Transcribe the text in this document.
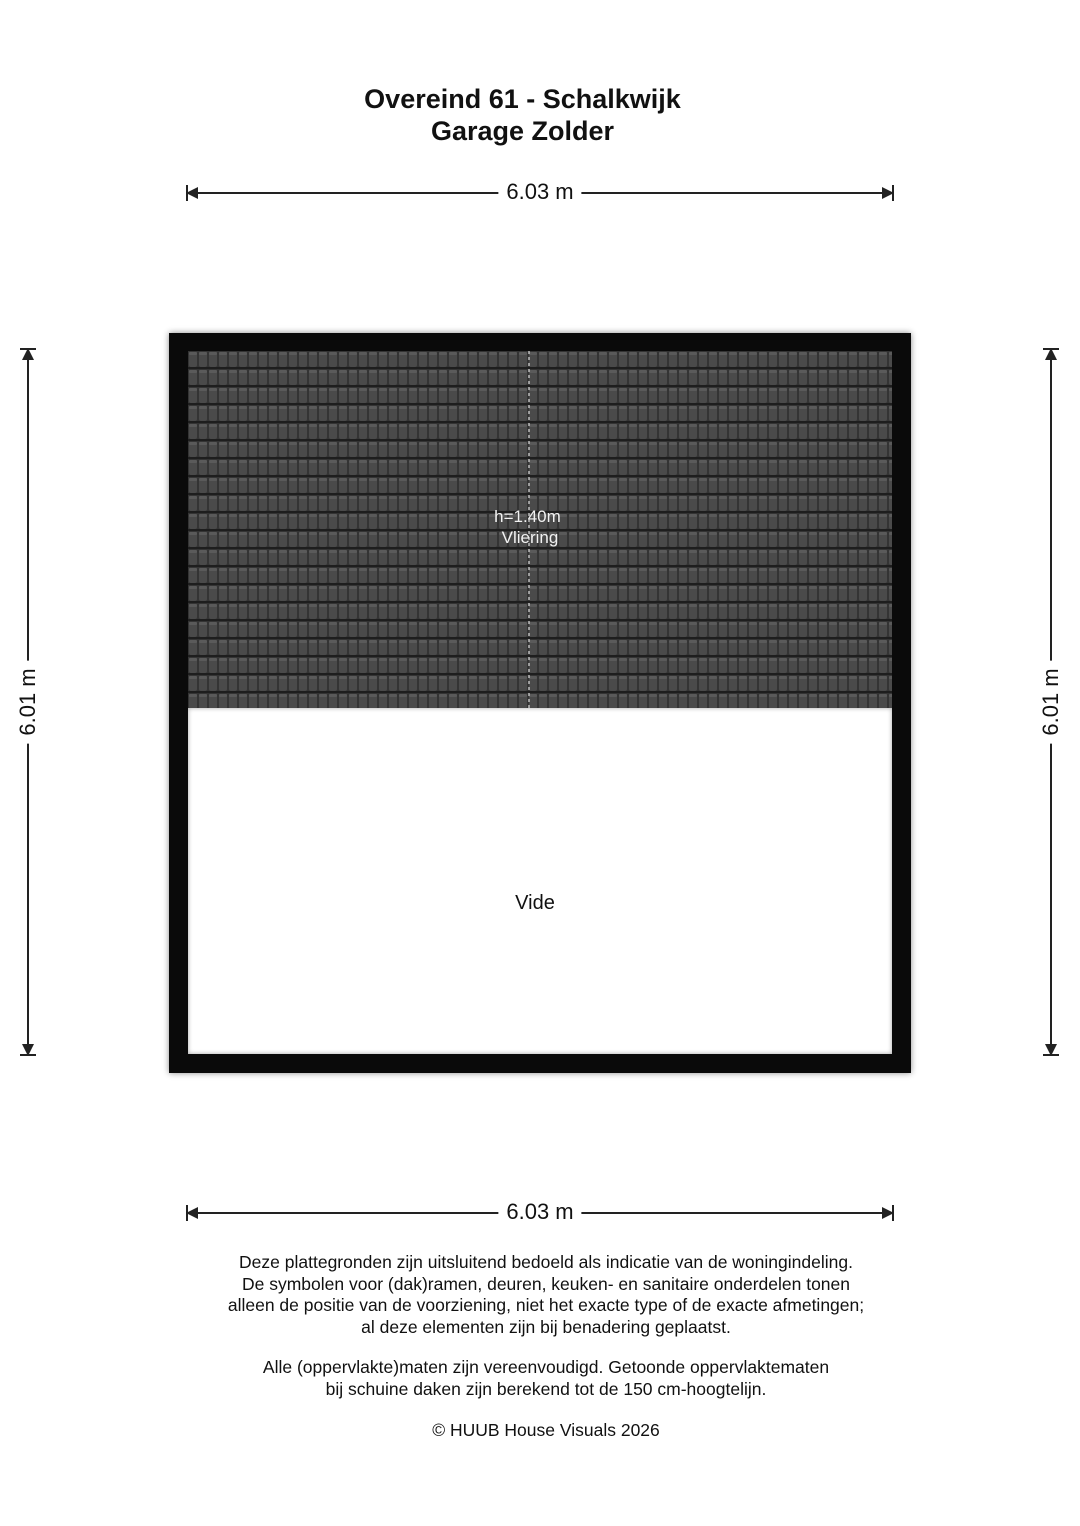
Overeind 61 - Schalkwijk
Garage Zolder
6.03 m
6.01 m	6.01 m
h=1.40m
Vliering
Vide
6.03 m
Deze plattegronden zijn uitsluitend bedoeld als indicatie van de woningindeling.
De symbolen voor (dak)ramen, deuren, keuken- en sanitaire onderdelen tonen
alleen de positie van de voorziening, niet het exacte type of de exacte afmetingen;
al deze elementen zijn bij benadering geplaatst.
Alle (oppervlakte)maten zijn vereenvoudigd. Getoonde oppervlaktematen
bij schuine daken zijn berekend tot de 150 cm-hoogtelijn.
© HUUB House Visuals 2026
